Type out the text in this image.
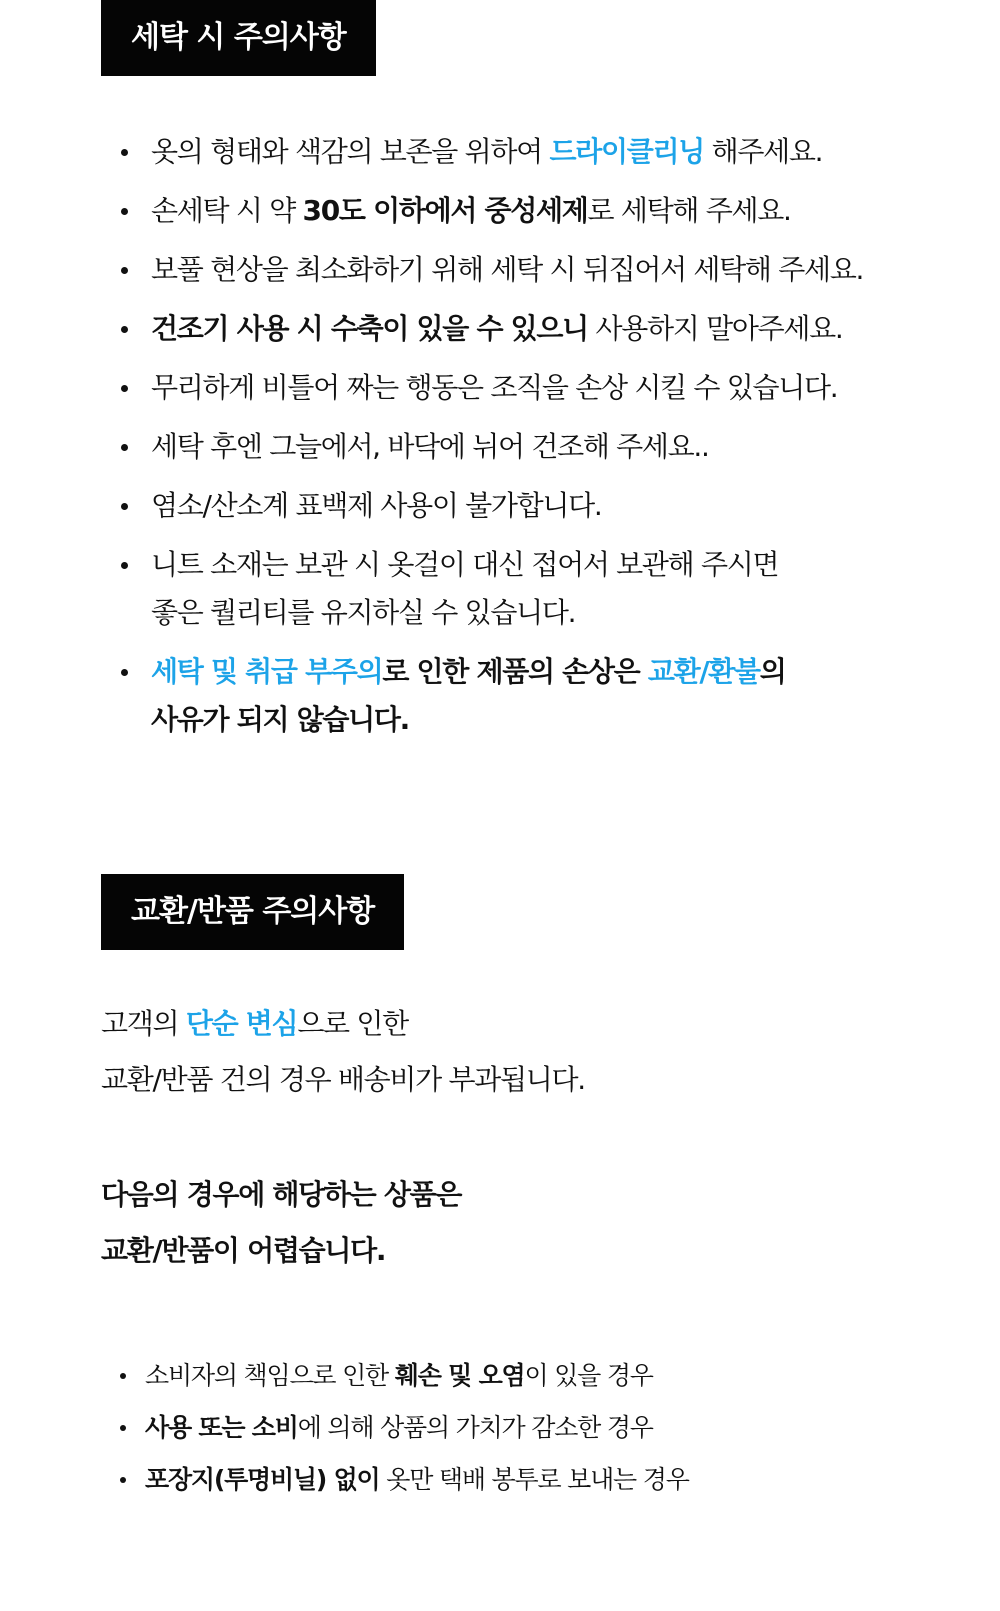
세탁 시 주의사항
옷의 형태와 색감의 보존을 위하여 드라이클리닝 해주세요.
손세탁 시 약 30도 이하에서 중성세제로 세탁해 주세요.
보풀 현상을 최소화하기 위해 세탁 시 뒤집어서 세탁해 주세요.
건조기 사용 시 수축이 있을 수 있으니 사용하지 말아주세요.
무리하게 비틀어 짜는 행동은 조직을 손상 시킬 수 있습니다.
세탁 후엔 그늘에서, 바닥에 뉘어 건조해 주세요..
염소/산소계 표백제 사용이 불가합니다.
니트 소재는 보관 시 옷걸이 대신 접어서 보관해 주시면
좋은 퀄리티를 유지하실 수 있습니다.
세탁 및 취급 부주의로 인한 제품의 손상은 교환/환불의
사유가 되지 않습니다.
교환/반품 주의사항
고객의 단순 변심으로 인한
교환/반품 건의 경우 배송비가 부과됩니다.
다음의 경우에 해당하는 상품은
교환/반품이 어렵습니다.
소비자의 책임으로 인한 훼손 및 오염이 있을 경우
사용 또는 소비에 의해 상품의 가치가 감소한 경우
포장지(투명비닐) 없이 옷만 택배 봉투로 보내는 경우
